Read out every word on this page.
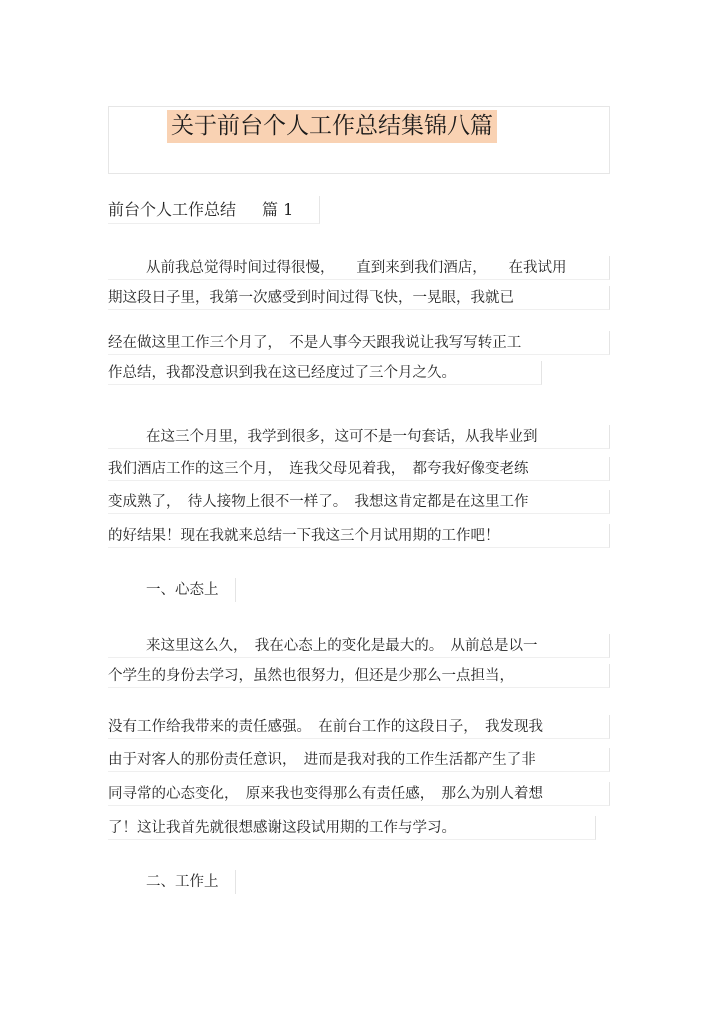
关于前台个人工作总结集锦八篇
前台个人工作总结 篇 1
从前我总觉得时间过得很慢，　　直到来到我们酒店，　　在我试用
期这段日子里，我第一次感受到时间过得飞快，一晃眼，我就已
经在做这里工作三个月了，　不是人事今天跟我说让我写写转正工
作总结，我都没意识到我在这已经度过了三个月之久。
在这三个月里，我学到很多，这可不是一句套话，从我毕业到
我们酒店工作的这三个月，　连我父母见着我，　都夸我好像变老练
变成熟了，　待人接物上很不一样了。　我想这肯定都是在这里工作
的好结果！现在我就来总结一下我这三个月试用期的工作吧！
一、心态上
来这里这么久，　我在心态上的变化是最大的。　从前总是以一
个学生的身份去学习，虽然也很努力，但还是少那么一点担当，
没有工作给我带来的责任感强。　在前台工作的这段日子，　我发现我
由于对客人的那份责任意识，　进而是我对我的工作生活都产生了非
同寻常的心态变化，　原来我也变得那么有责任感，　那么为别人着想
了！这让我首先就很想感谢这段试用期的工作与学习。
二、工作上
